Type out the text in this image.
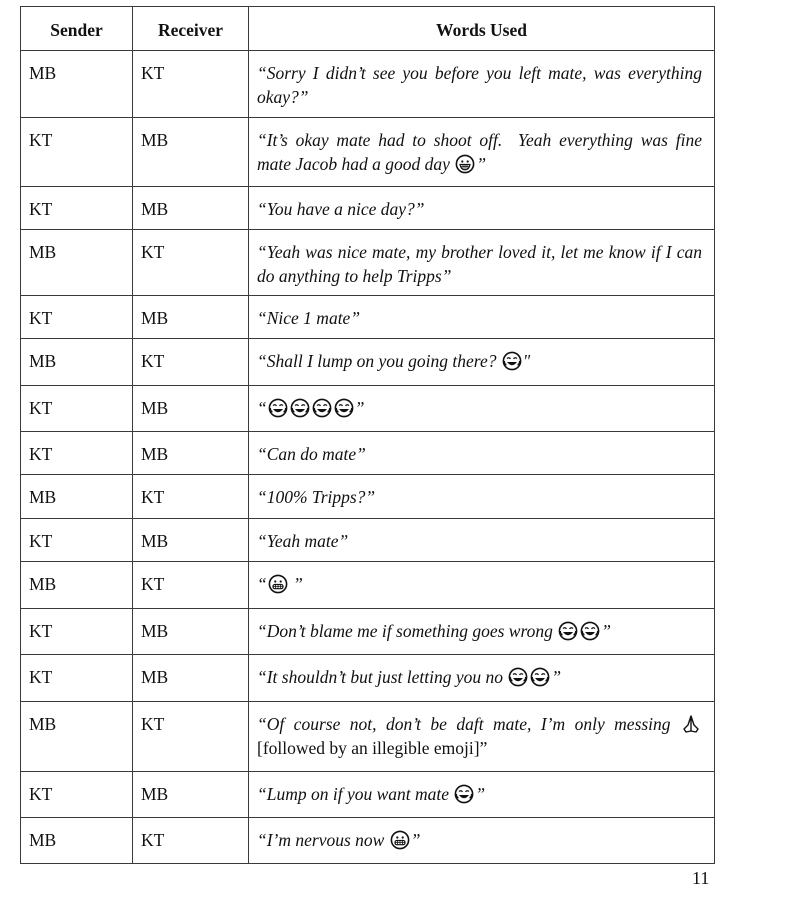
Sender	Receiver	Words Used

MB	KT	“Sorry I didn’t see you before you left mate, was everything okay?”
KT	MB	“It’s okay mate had to shoot off.  Yeah everything was fine mate Jacob had a good day ”
KT	MB	“You have a nice day?”
MB	KT	“Yeah was nice mate, my brother loved it, let me know if I can do anything to help Tripps”
KT	MB	“Nice 1 mate”
MB	KT	“Shall I lump on you going there? "
KT	MB	“ ”
KT	MB	“Can do mate”
MB	KT	“100% Tripps?”
KT	MB	“Yeah mate”
MB	KT	“ ”
KT	MB	“Don’t blame me if something goes wrong ”
KT	MB	“It shouldn’t but just letting you no ”
MB	KT	“Of course not, don’t be daft mate, I’m only messing  [followed by an illegible emoji]”
KT	MB	“Lump on if you want mate ”
MB	KT	“I’m nervous now ”
11
